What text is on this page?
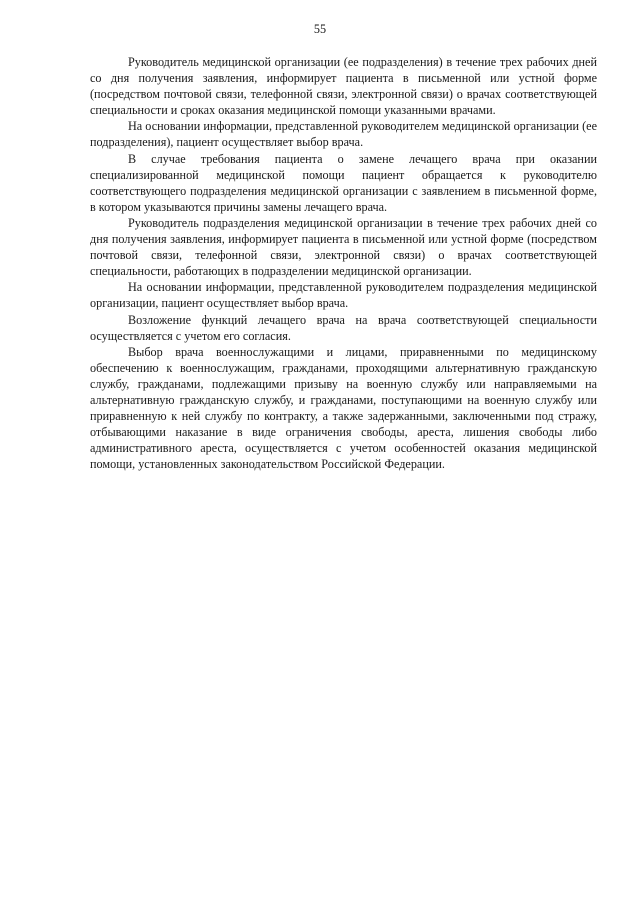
55

Руководитель медицинской организации (ее подразделения) в течение трех рабочих дней со дня получения заявления, информирует пациента в письменной или устной форме (посредством почтовой связи, телефонной связи, электронной связи) о врачах соответствующей специальности и сроках оказания медицинской помощи указанными врачами.

На основании информации, представленной руководителем медицинской организации (ее подразделения), пациент осуществляет выбор врача.

В случае требования пациента о замене лечащего врача при оказании специализированной медицинской помощи пациент обращается к руководителю соответствующего подразделения медицинской организации с заявлением в письменной форме, в котором указываются причины замены лечащего врача.

Руководитель подразделения медицинской организации в течение трех рабочих дней со дня получения заявления, информирует пациента в письменной или устной форме (посредством почтовой связи, телефонной связи, электронной связи) о врачах соответствующей специальности, работающих в подразделении медицинской организации.

На основании информации, представленной руководителем подразделения медицинской организации, пациент осуществляет выбор врача.

Возложение функций лечащего врача на врача соответствующей специальности осуществляется с учетом его согласия.

Выбор врача военнослужащими и лицами, приравненными по медицинскому обеспечению к военнослужащим, гражданами, проходящими альтернативную гражданскую службу, гражданами, подлежащими призыву на военную службу или направляемыми на альтернативную гражданскую службу, и гражданами, поступающими на военную службу или приравненную к ней службу по контракту, а также задержанными, заключенными под стражу, отбывающими наказание в виде ограничения свободы, ареста, лишения свободы либо административного ареста, осуществляется с учетом особенностей оказания медицинской помощи, установленных законодательством Российской Федерации.
